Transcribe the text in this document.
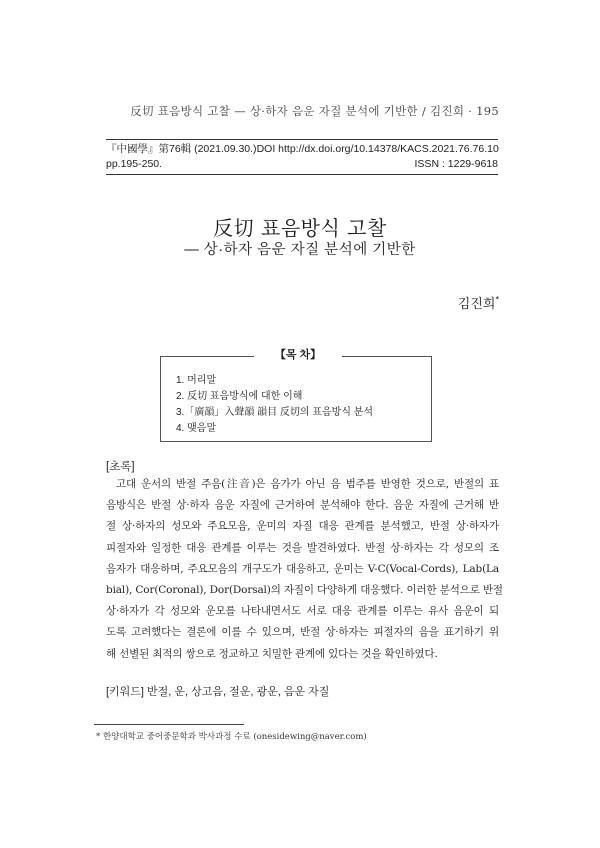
反切 표음방식 고찰 — 상·하자 음운 자질 분석에 기반한 / 김진희 · 195
『中國學』第76輯 (2021.09.30.) DOI http://dx.doi.org/10.14378/KACS.2021.76.76.10
pp.195-250.	ISSN : 1229-9618
反切 표음방식 고찰
— 상·하자 음운 자질 분석에 기반한
김진희*
【목 차】
1. 머리말
2. 反切 표음방식에 대한 이해
3.「廣韻」入聲韻 韻目 反切의 표음방식 분석
4. 맺음말
[초록]

고대 운서의 반절 주음(注音)은 음가가 아닌 음 범주를 반영한 것으로, 반절의 표
음방식은 반절 상·하자 음운 자질에 근거하여 분석해야 한다. 음운 자질에 근거해 반
절 상·하자의 성모와 주요모음, 운미의 자질 대응 관계를 분석했고, 반절 상·하자가
피절자와 일정한 대응 관계를 이루는 것을 발견하였다. 반절 상·하자는 각 성모의 조
음자가 대응하며, 주요모음의 개구도가 대응하고, 운미는 V-C(Vocal-Cords), Lab(La
bial), Cor(Coronal), Dor(Dorsal)의 자질이 다양하게 대응했다. 이러한 분석으로 반절
상·하자가 각 성모와 운모를 나타내면서도 서로 대응 관계를 이루는 유사 음운이 되
도록 고려했다는 결론에 이를 수 있으며, 반절 상·하자는 피절자의 음을 표기하기 위
해 선별된 최적의 쌍으로 정교하고 치밀한 관계에 있다는 것을 확인하였다.

[키워드] 반절, 운, 상고음, 절운, 광운, 음운 자질
* 한양대학교 중어중문학과 박사과정 수료 (onesidewing@naver.com)
